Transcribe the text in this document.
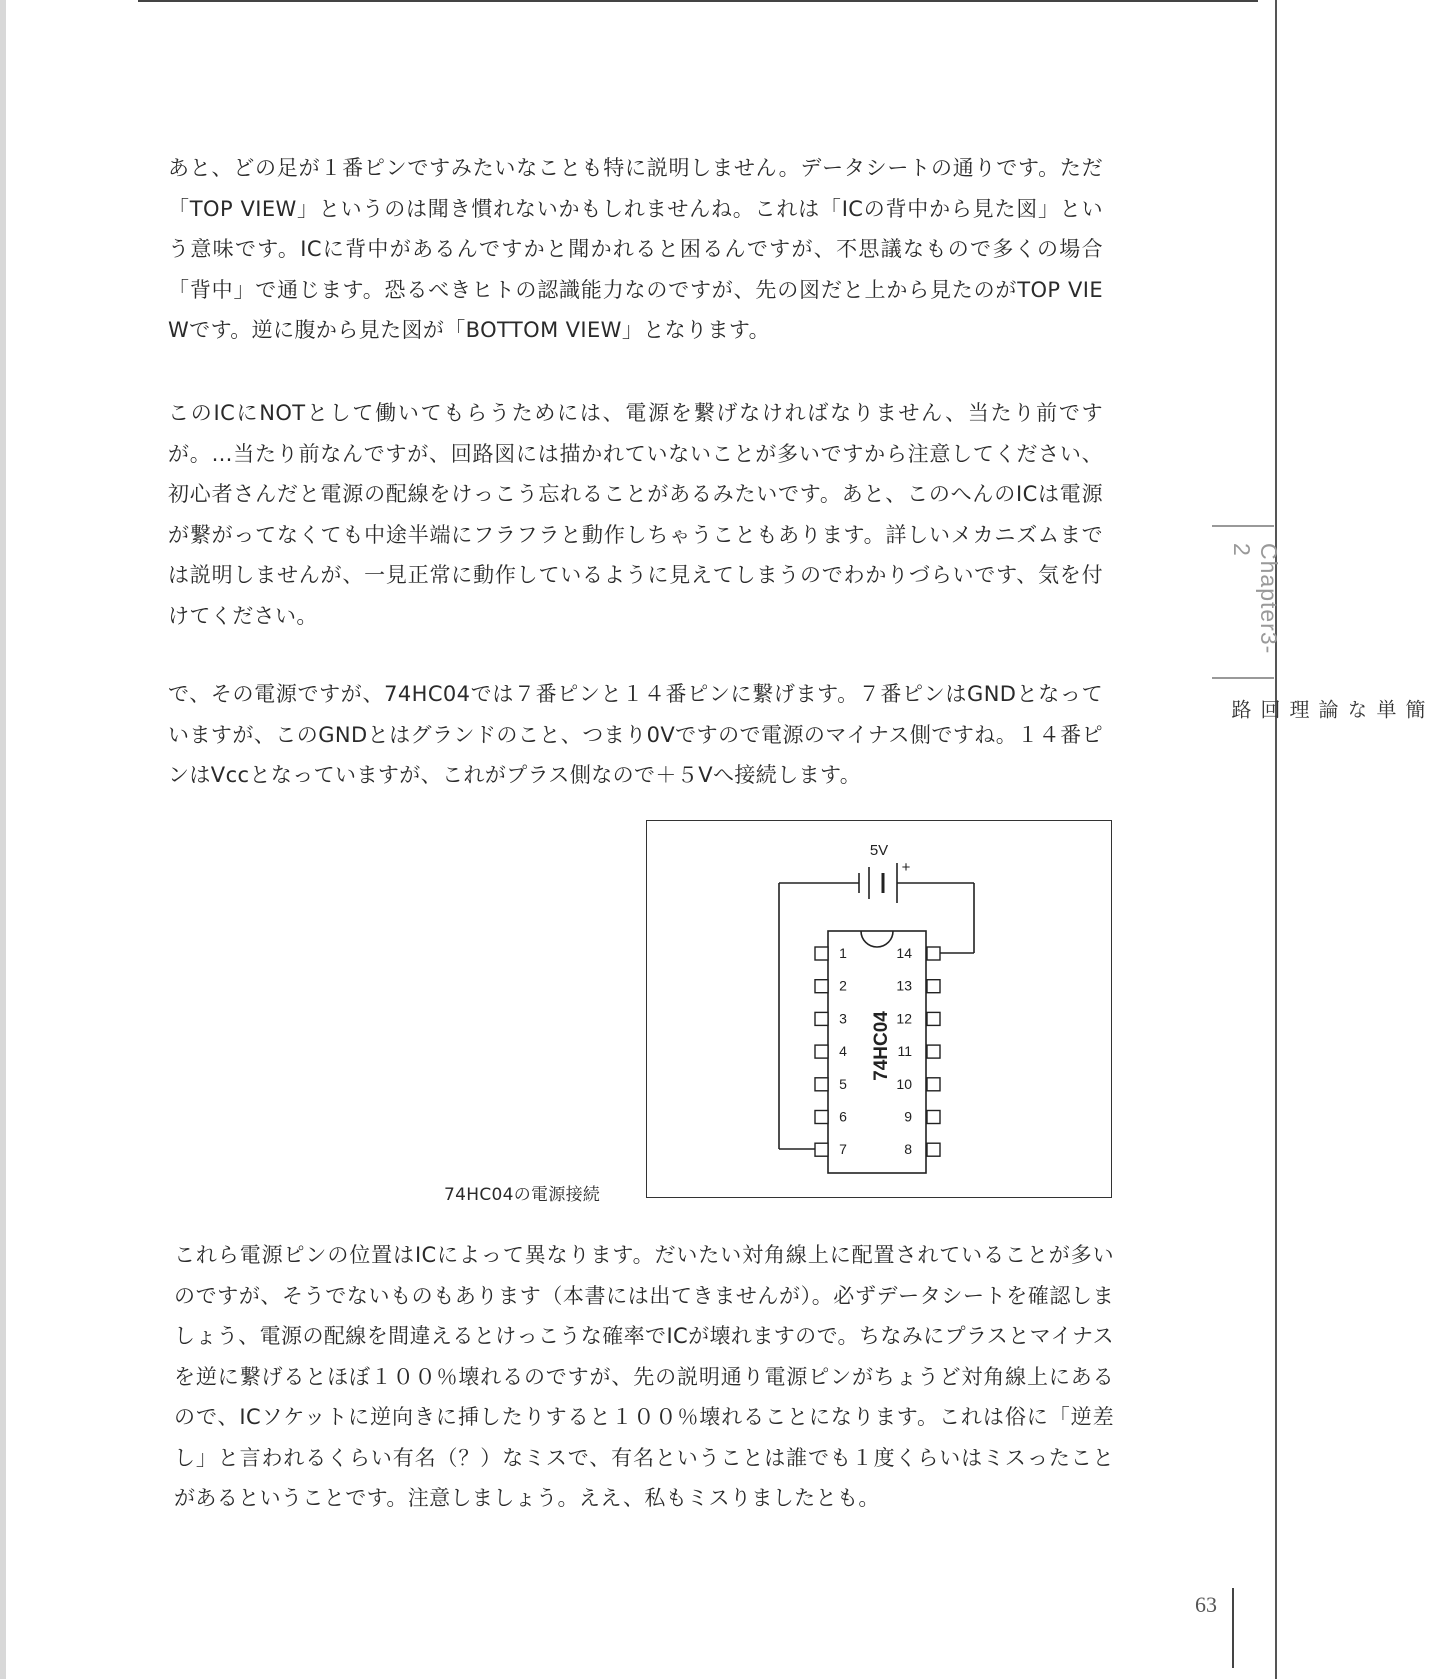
あと、どの足が１番ピンですみたいなことも特に説明しません。データシートの通りです。ただ「TOP VIEW」というのは聞き慣れないかもしれませんね。これは「ICの背中から見た図」という意味です。ICに背中があるんですかと聞かれると困るんですが、不思議なもので多くの場合「背中」で通じます。恐るべきヒトの認識能力なのですが、先の図だと上から見たのがTOP VIEWです。逆に腹から見た図が「BOTTOM VIEW」となります。

このICにNOTとして働いてもらうためには、電源を繋げなければなりません、当たり前ですが。…当たり前なんですが、回路図には描かれていないことが多いですから注意してください、初心者さんだと電源の配線をけっこう忘れることがあるみたいです。あと、このへんのICは電源が繋がってなくても中途半端にフラフラと動作しちゃうこともあります。詳しいメカニズムまでは説明しませんが、一見正常に動作しているように見えてしまうのでわかりづらいです、気を付けてください。

で、その電源ですが、74HC04では７番ピンと１４番ピンに繋げます。７番ピンはGNDとなっていますが、このGNDとはグランドのこと、つまり0Vですので電源のマイナス側ですね。１４番ピンはVccとなっていますが、これがプラス側なので＋５Vへ接続します。

74HC04の電源接続
5V
+
74HC04
1
2
3
4
5
6
7
14
13
12
11
10
9
8

これら電源ピンの位置はICによって異なります。だいたい対角線上に配置されていることが多いのですが、そうでないものもあります（本書には出てきませんが）。必ずデータシートを確認しましょう、電源の配線を間違えるとけっこうな確率でICが壊れますので。ちなみにプラスとマイナスを逆に繋げるとほぼ１００％壊れるのですが、先の説明通り電源ピンがちょうど対角線上にあるので、ICソケットに逆向きに挿したりすると１００％壊れることになります。これは俗に「逆差し」と言われるくらい有名（？）なミスで、有名ということは誰でも１度くらいはミスったことがあるということです。注意しましょう。ええ、私もミスりましたとも。

Chapter3-2
簡単な論理回路
63
